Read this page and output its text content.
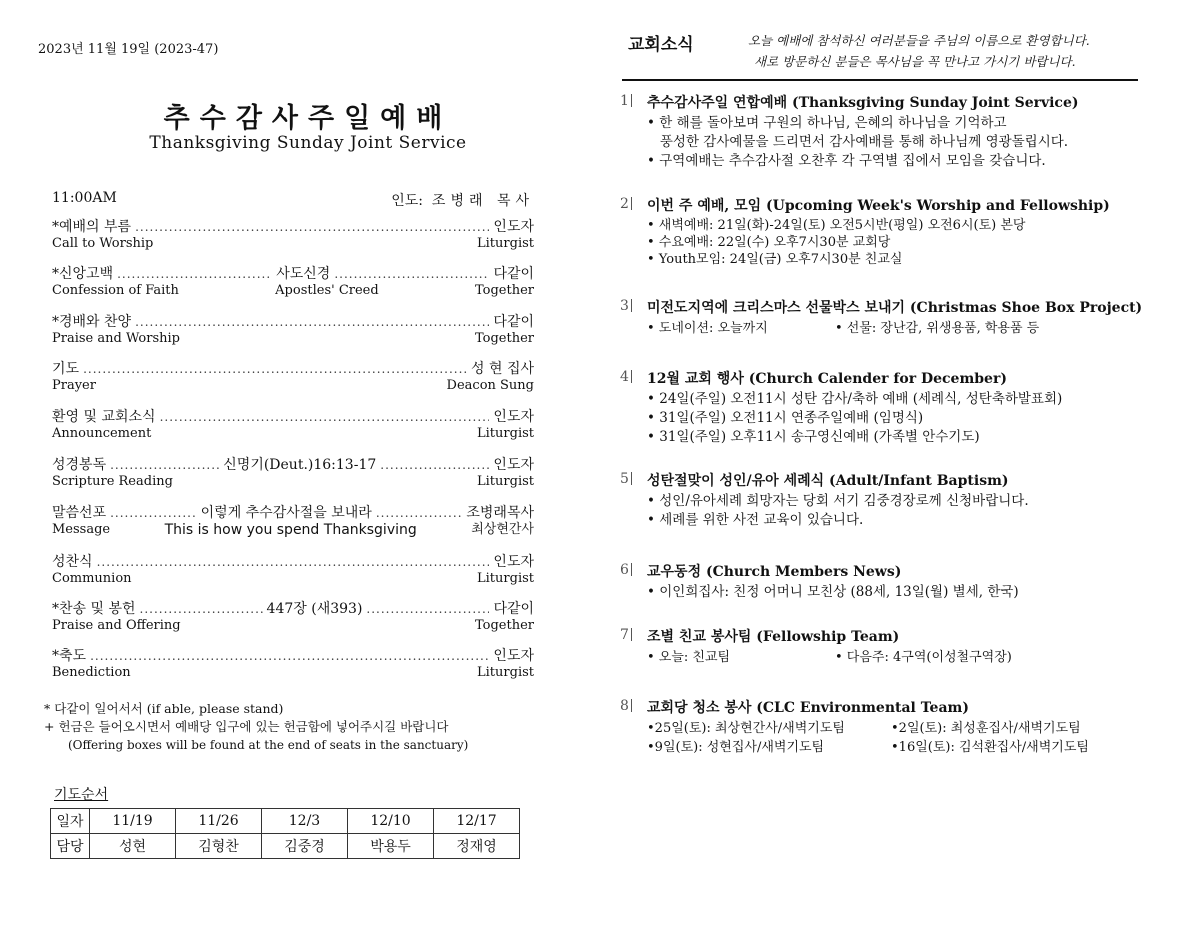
2023년 11월 19일 (2023-47)
추수감사주일예배
Thanksgiving Sunday Joint Service
11:00AM	인도: 조병래 목사
*예배의 부름 .....	인도자
Call to Worship	Liturgist
*신앙고백 .....	사도신경 .....	다같이
Confession of Faith	Apostles' Creed	Together
*경배와 찬양 .....	다같이
Praise and Worship	Together
기도 .....	성 현 집사
Prayer	Deacon Sung
환영 및 교회소식 .....	인도자
Announcement	Liturgist
성경봉독 .....	신명기(Deut.)16:13-17 .....	인도자
Scripture Reading	Liturgist
말씀선포 .....	이렇게 추수감사절을 보내라 .....	조병래목사
Message	This is how you spend Thanksgiving	최상현간사
성찬식 .....	인도자
Communion	Liturgist
*찬송 및 봉헌 .....	447장 (새393) .....	다같이
Praise and Offering	Together
*축도 .....	인도자
Benediction	Liturgist
* 다같이 일어서서 (if able, please stand)
+ 헌금은 들어오시면서 예배당 입구에 있는 헌금함에 넣어주시길 바랍니다
(Offering boxes will be found at the end of seats in the sanctuary)
기도순서
일자	11/19	11/26	12/3	12/10	12/17
담당	성현	김형찬	김중경	박용두	정재영
교회소식	오늘 예배에 참석하신 여러분들을 주님의 이름으로 환영합니다.
새로 방문하신 분들은 목사님을 꼭 만나고 가시기 바랍니다.
1 추수감사주일 연합예배 (Thanksgiving Sunday Joint Service)
• 한 해를 돌아보며 구원의 하나님, 은혜의 하나님을 기억하고
풍성한 감사예물을 드리면서 감사예배를 통해 하나님께 영광돌립시다.
• 구역예배는 추수감사절 오찬후 각 구역별 집에서 모임을 갖습니다.
2 이번 주 예배, 모임 (Upcoming Week's Worship and Fellowship)
• 새벽예배: 21일(화)-24일(토) 오전5시반(평일) 오전6시(토) 본당
• 수요예배: 22일(수) 오후7시30분 교회당
• Youth모임: 24일(금) 오후7시30분 친교실
3 미전도지역에 크리스마스 선물박스 보내기 (Christmas Shoe Box Project)
• 도네이션: 오늘까지	• 선물: 장난감, 위생용품, 학용품 등
4 12월 교회 행사 (Church Calender for December)
• 24일(주일) 오전11시 성탄 감사/축하 예배 (세례식, 성탄축하발표회)
• 31일(주일) 오전11시 연종주일예배 (임명식)
• 31일(주일) 오후11시 송구영신예배 (가족별 안수기도)
5 성탄절맞이 성인/유아 세례식 (Adult/Infant Baptism)
• 성인/유아세례 희망자는 당회 서기 김중경장로께 신청바랍니다.
• 세례를 위한 사전 교육이 있습니다.
6 교우동정 (Church Members News)
• 이인희집사: 친정 어머니 모친상 (88세, 13일(월) 별세, 한국)
7 조별 친교 봉사팀 (Fellowship Team)
• 오늘: 친교팀	• 다음주: 4구역(이성철구역장)
8 교회당 청소 봉사 (CLC Environmental Team)
•25일(토): 최상현간사/새벽기도팀	•2일(토): 최성훈집사/새벽기도팀
•9일(토): 성현집사/새벽기도팀	•16일(토): 김석환집사/새벽기도팀
